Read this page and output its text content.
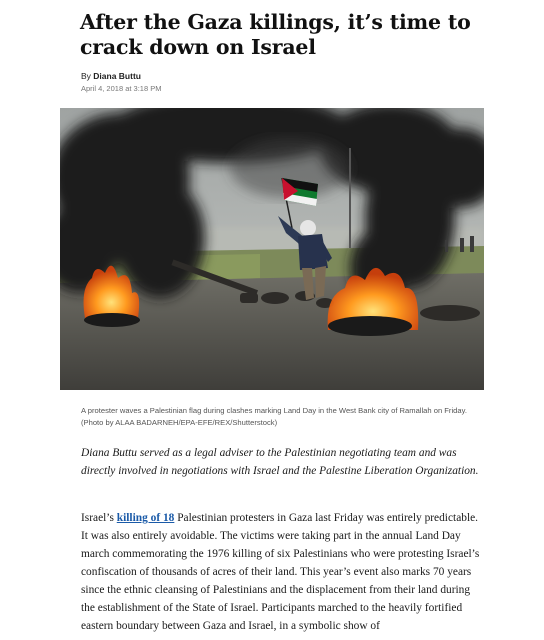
After the Gaza killings, it’s time to crack down on Israel
By Diana Buttu
April 4, 2018 at 3:18 PM
A protester waves a Palestinian flag during clashes marking Land Day in the West Bank city of Ramallah on Friday. (Photo by ALAA BADARNEH/EPA-EFE/REX/Shutterstock)

Diana Buttu served as a legal adviser to the Palestinian negotiating team and was directly involved in negotiations with Israel and the Palestine Liberation Organization.

Israel’s killing of 18 Palestinian protesters in Gaza last Friday was entirely predictable. It was also entirely avoidable. The victims were taking part in the annual Land Day march commemorating the 1976 killing of six Palestinians who were protesting Israel’s confiscation of thousands of acres of their land. This year’s event also marks 70 years since the ethnic cleansing of Palestinians and the displacement from their land during the establishment of the State of Israel. Participants marched to the heavily fortified eastern boundary between Gaza and Israel, in a symbolic show of
